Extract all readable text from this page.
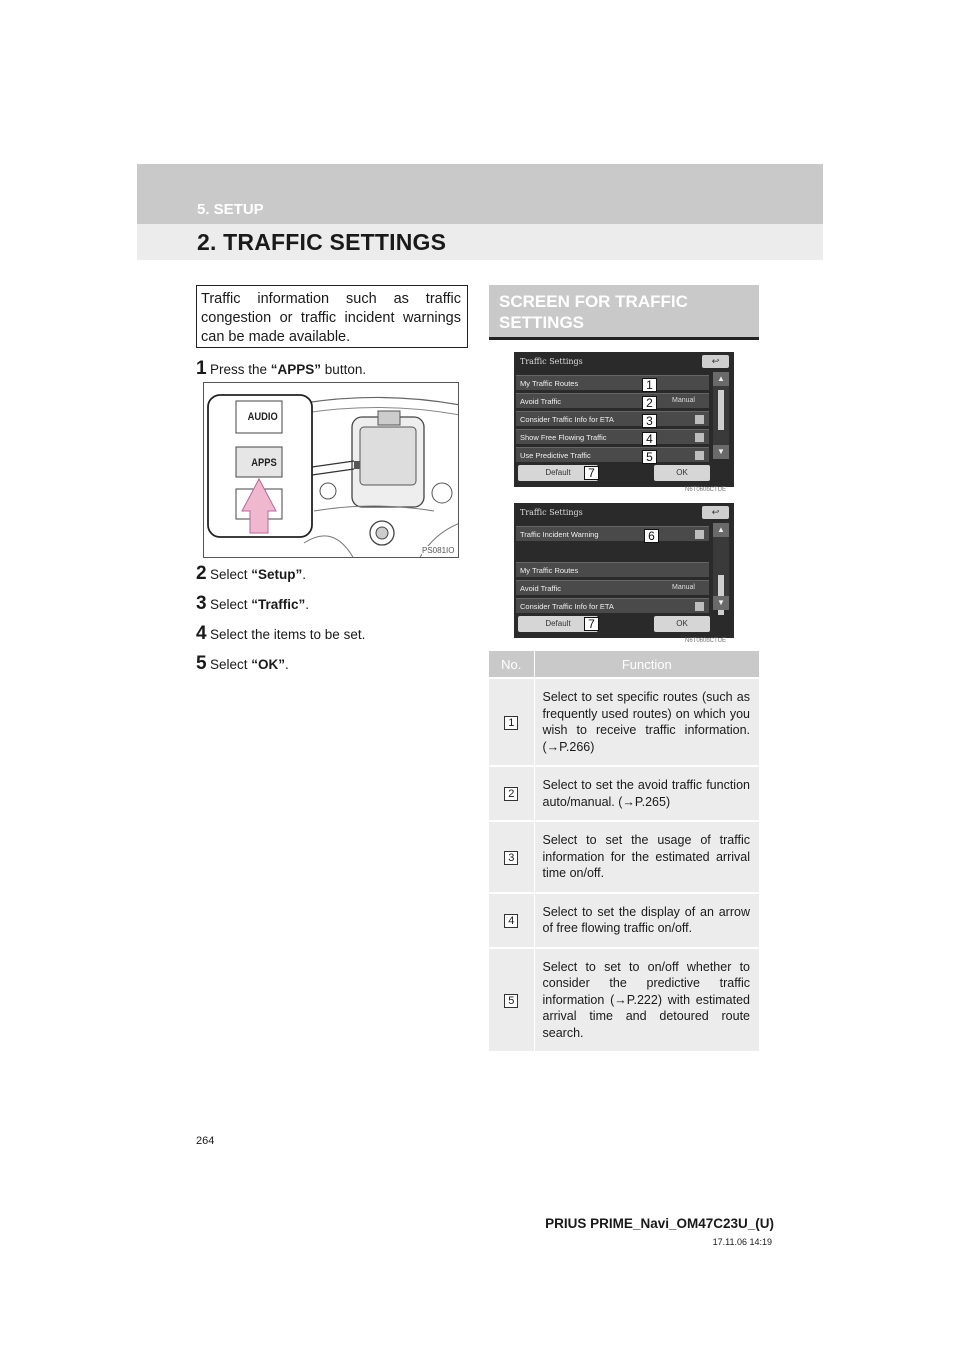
5. SETUP
2. TRAFFIC SETTINGS
Traffic information such as traffic congestion or traffic incident warnings can be made available.
1 Press the “APPS” button.
2 Select “Setup”.
3 Select “Traffic”.
4 Select the items to be set.
5 Select “OK”.
AUDIO
APPS
PS081IO
SCREEN FOR TRAFFIC SETTINGS
Traffic Settings	↩
My Traffic Routes
Avoid Traffic	Manual
Consider Traffic Info for ETA
Show Free Flowing Traffic
Use Predictive Traffic
▲
▼
Default	OK
1
2
3
4
5
7
N6T060bCTUE
Traffic Settings	↩
Traffic Incident Warning
My Traffic Routes
Avoid Traffic	Manual
Consider Traffic Info for ETA
▲
▼
Default	OK
6
7
N6T060bCTUE
No.	Function
1	Select to set specific routes (such as frequently used routes) on which you wish to receive traffic information. (→P.266)
2	Select to set the avoid traffic function auto/manual. (→P.265)
3	Select to set the usage of traffic information for the estimated arrival time on/off.
4	Select to set the display of an arrow of free flowing traffic on/off.
5	Select to set to on/off whether to consider the predictive traffic information (→P.222) with estimated arrival time and detoured route search.
264
PRIUS PRIME_Navi_OM47C23U_(U)
17.11.06 14:19
